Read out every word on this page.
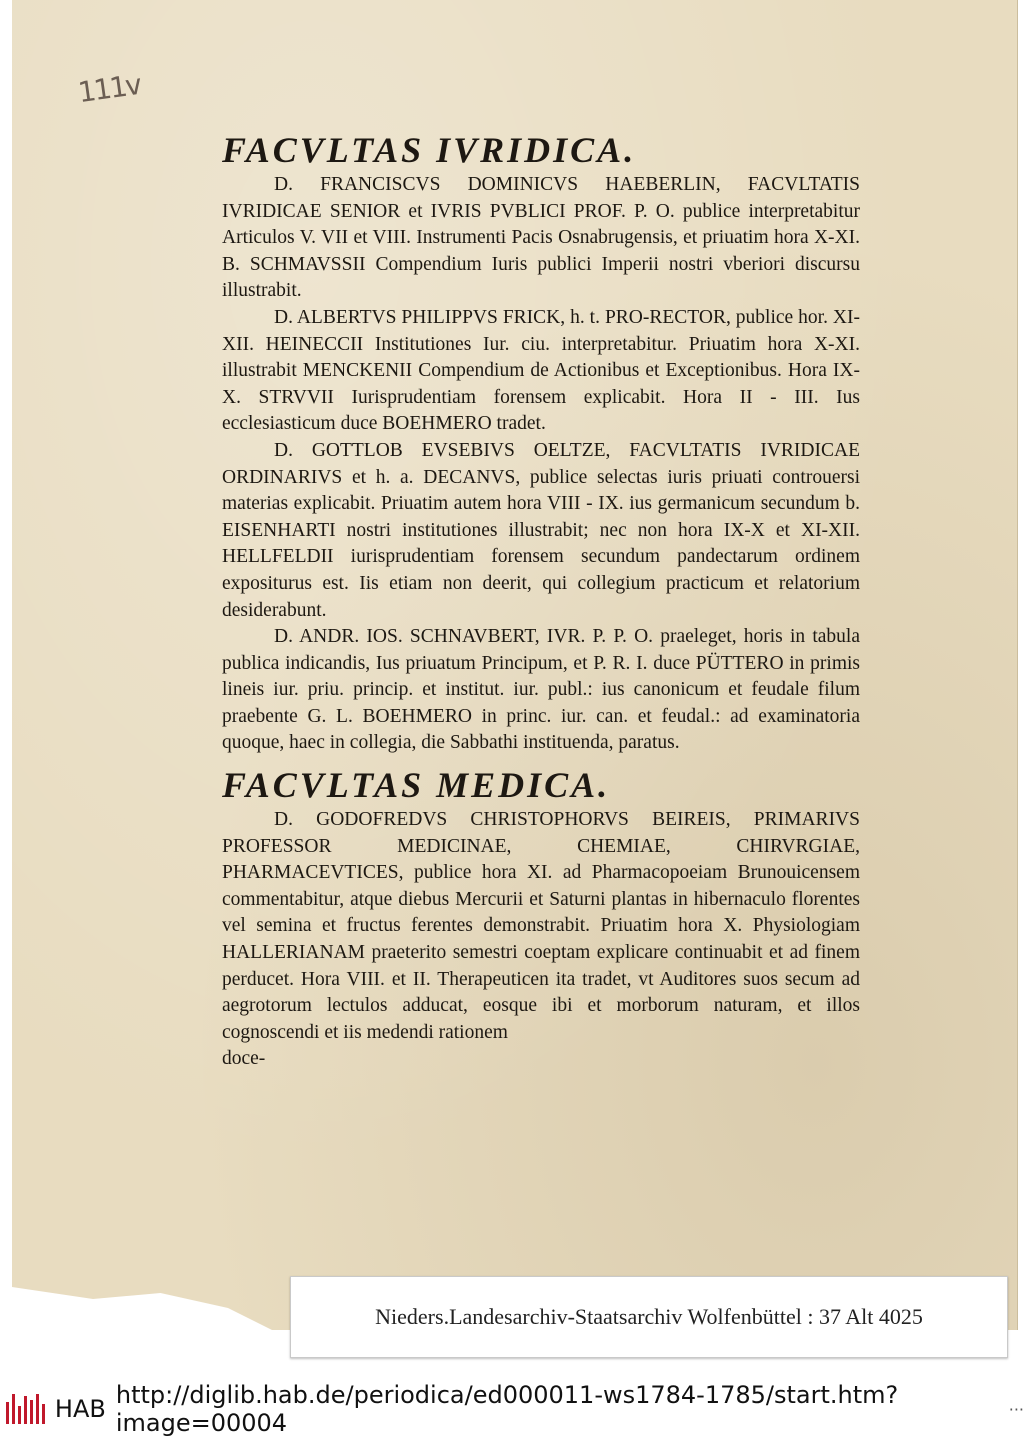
111v

FACVLTAS IVRIDICA.

D. FRANCISCVS DOMINICVS HAEBERLIN, FACVLTATIS IVRIDICAE SENIOR et IVRIS PVBLICI PROF. P. O. publice interpretabitur Articulos V. VII et VIII. Instrumenti Pacis Osnabrugensis, et priuatim hora X-XI. B. SCHMAVSSII Compendium Iuris publici Imperii nostri vberiori discursu illustrabit.

D. ALBERTVS PHILIPPVS FRICK, h. t. PRO-RECTOR, publice hor. XI-XII. HEINECCII Institutiones Iur. ciu. interpretabitur. Priuatim hora X-XI. illustrabit MENCKENII Compendium de Actionibus et Exceptionibus. Hora IX-X. STRVVII Iurisprudentiam forensem explicabit. Hora II - III. Ius ecclesiasticum duce BOEHMERO tradet.

D. GOTTLOB EVSEBIVS OELTZE, FACVLTATIS IVRIDICAE ORDINARIVS et h. a. DECANVS, publice selectas iuris priuati controuersi materias explicabit. Priuatim autem hora VIII - IX. ius germanicum secundum b. EISENHARTI nostri institutiones illustrabit; nec non hora IX-X et XI-XII. HELLFELDII iurisprudentiam forensem secundum pandectarum ordinem expositurus est. Iis etiam non deerit, qui collegium practicum et relatorium desiderabunt.

D. ANDR. IOS. SCHNAVBERT, IVR. P. P. O. praeleget, horis in tabula publica indicandis, Ius priuatum Principum, et P. R. I. duce PÜTTERO in primis lineis iur. priu. princip. et institut. iur. publ.: ius canonicum et feudale filum praebente G. L. BOEHMERO in princ. iur. can. et feudal.: ad examinatoria quoque, haec in collegia, die Sabbathi instituenda, paratus.

FACVLTAS MEDICA.

D. GODOFREDVS CHRISTOPHORVS BEIREIS, PRIMARIVS PROFESSOR MEDICINAE, CHEMIAE, CHIRVRGIAE, PHARMACEVTICES, publice hora XI. ad Pharmacopoeiam Brunouicensem commentabitur, atque diebus Mercurii et Saturni plantas in hibernaculo florentes vel semina et fructus ferentes demonstrabit. Priuatim hora X. Physiologiam HALLERIANAM praeterito semestri coeptam explicare continuabit et ad finem perducet. Hora VIII. et II. Therapeuticen ita tradet, vt Auditores suos secum ad aegrotorum lectulos adducat, eosque ibi et morborum naturam, et illos cognoscendi et iis medendi rationem

doce-

Nieders.Landesarchiv-Staatsarchiv Wolfenbüttel : 37 Alt 4025
HAB http://diglib.hab.de/periodica/ed000011-ws1784-1785/start.htm?image=00004	···
